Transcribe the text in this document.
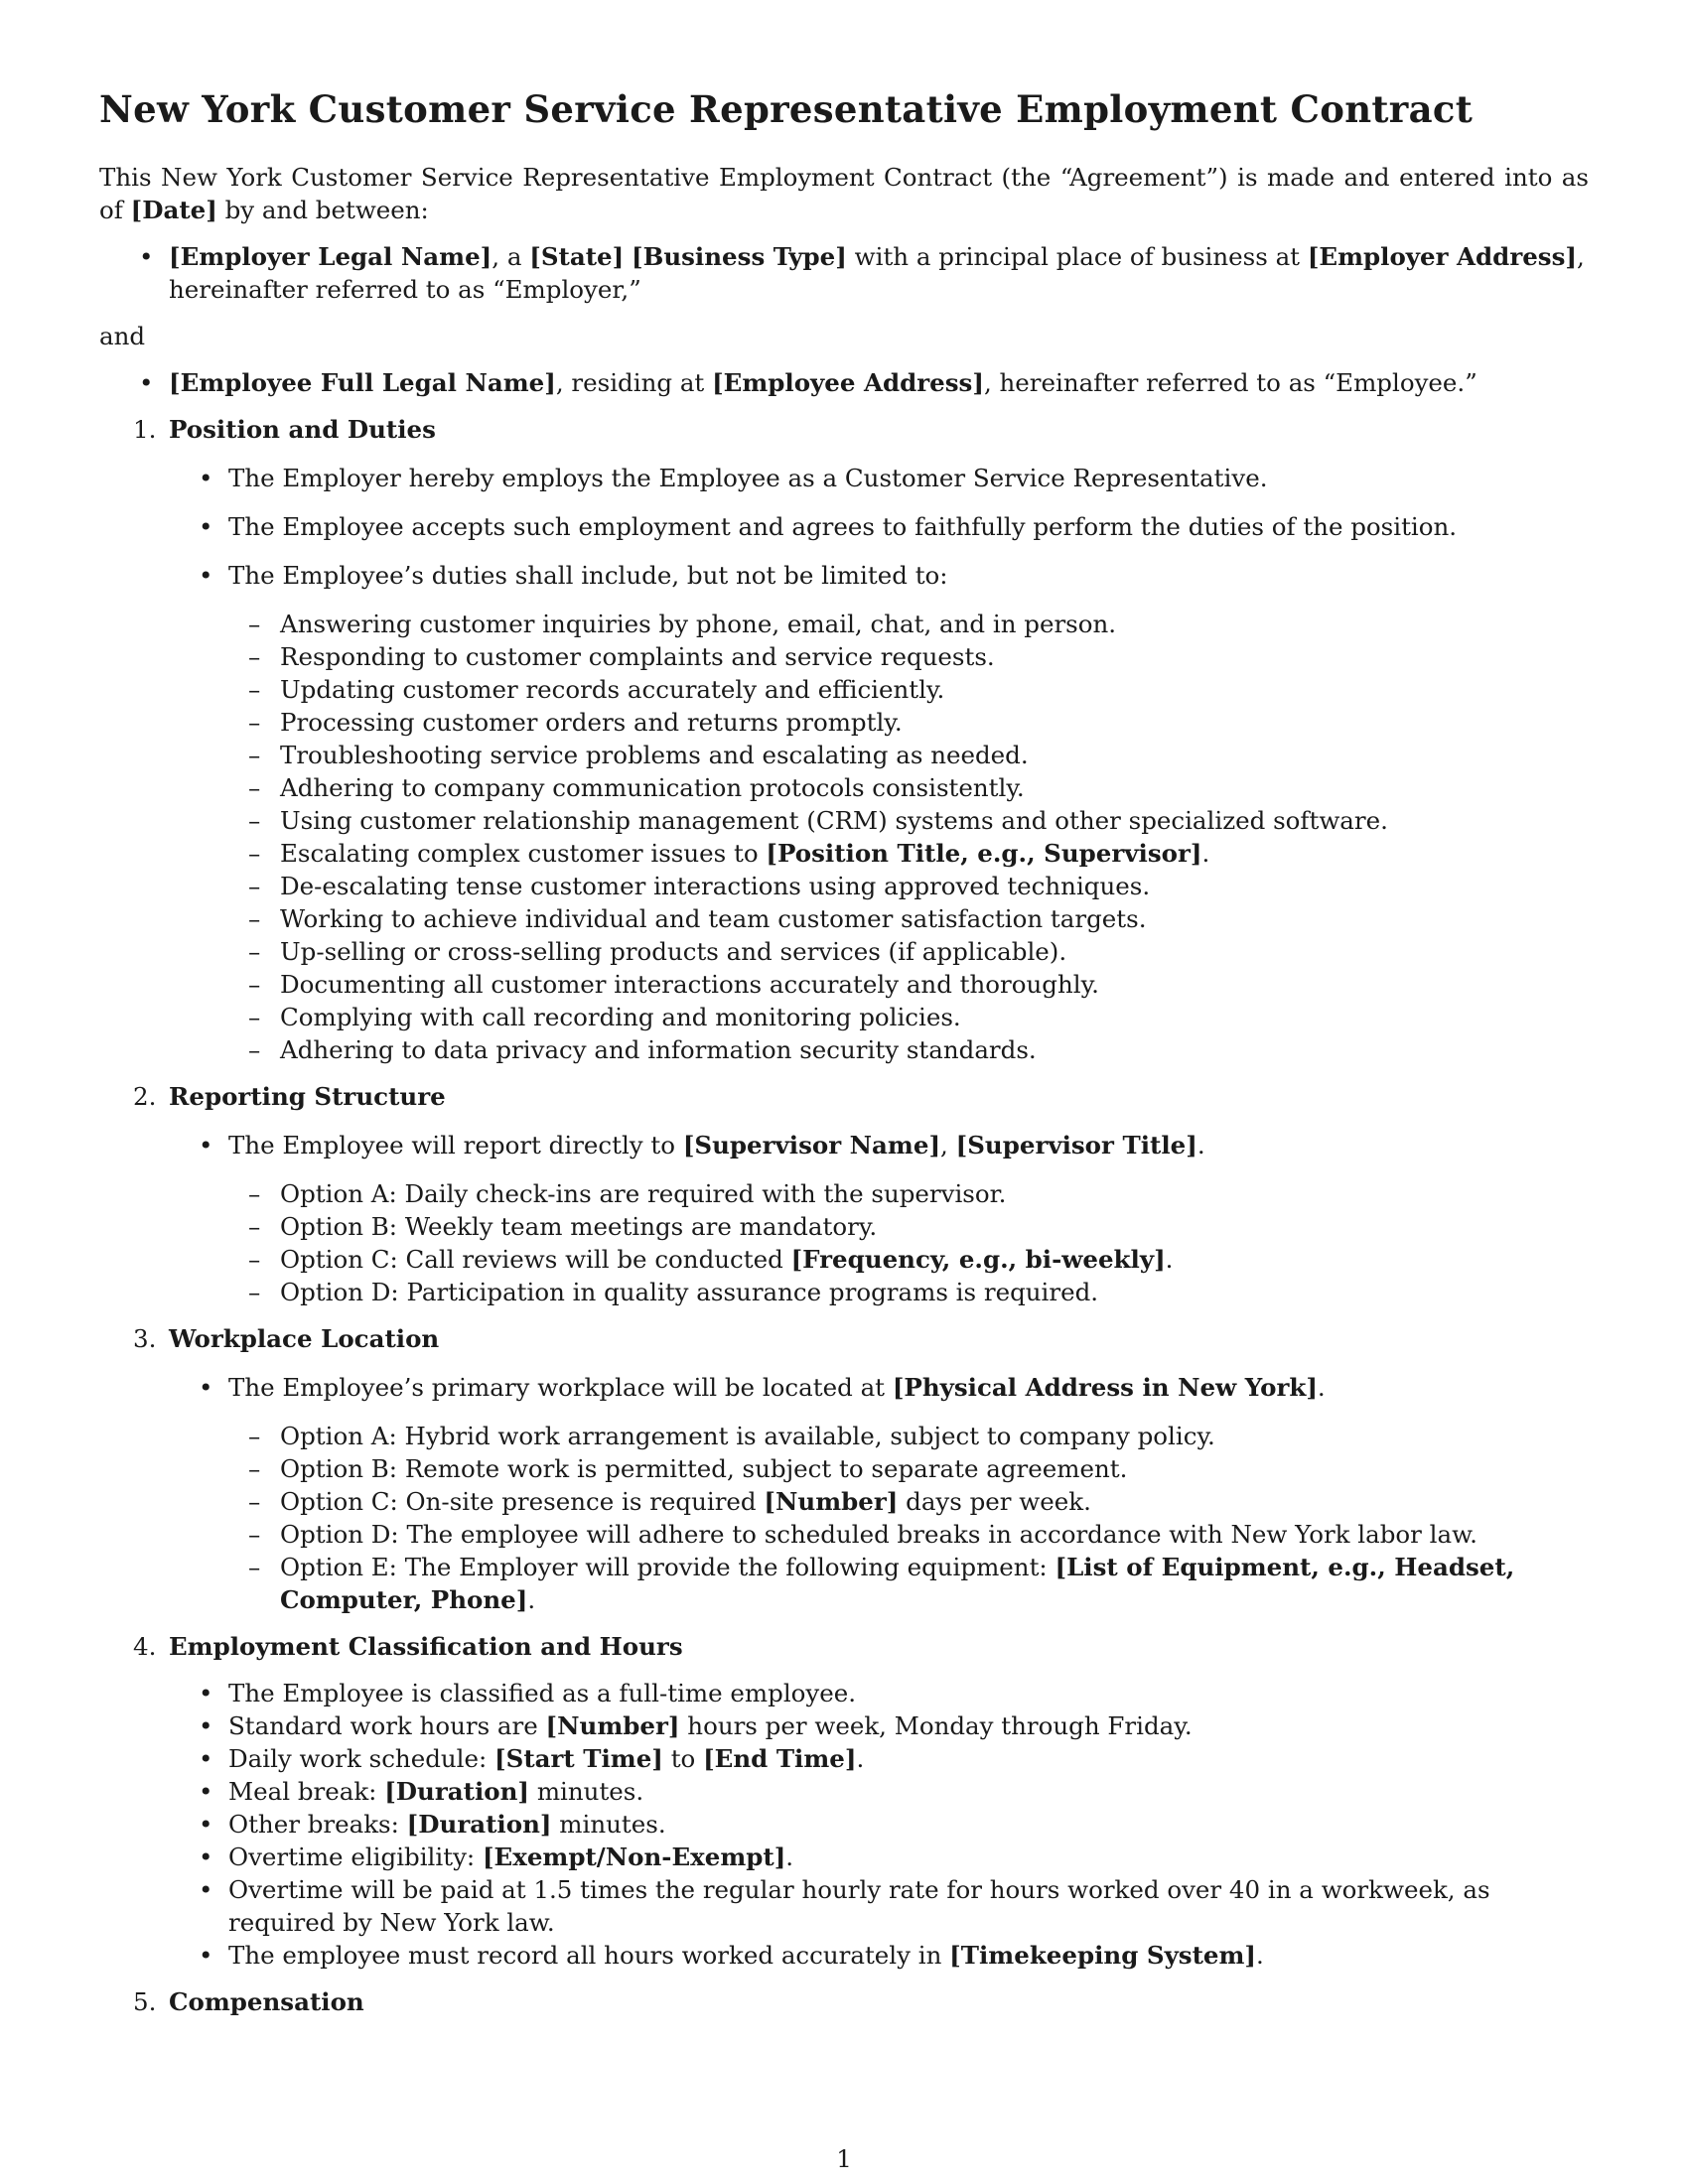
New York Customer Service Representative Employment Contract

This New York Customer Service Representative Employment Contract (the “Agreement”) is made and entered into as of [Date] by and between:

• [Employer Legal Name], a [State] [Business Type] with a principal place of business at [Employer Address], hereinafter referred to as “Employer,”

and

• [Employee Full Legal Name], residing at [Employee Address], hereinafter referred to as “Employee.”
1. Position and Duties
• The Employer hereby employs the Employee as a Customer Service Representative.
• The Employee accepts such employment and agrees to faithfully perform the duties of the position.
• The Employee’s duties shall include, but not be limited to:
– Answering customer inquiries by phone, email, chat, and in person.
– Responding to customer complaints and service requests.
– Updating customer records accurately and efficiently.
– Processing customer orders and returns promptly.
– Troubleshooting service problems and escalating as needed.
– Adhering to company communication protocols consistently.
– Using customer relationship management (CRM) systems and other specialized software.
– Escalating complex customer issues to [Position Title, e.g., Supervisor].
– De-escalating tense customer interactions using approved techniques.
– Working to achieve individual and team customer satisfaction targets.
– Up-selling or cross-selling products and services (if applicable).
– Documenting all customer interactions accurately and thoroughly.
– Complying with call recording and monitoring policies.
– Adhering to data privacy and information security standards.
2. Reporting Structure
• The Employee will report directly to [Supervisor Name], [Supervisor Title].
– Option A: Daily check-ins are required with the supervisor.
– Option B: Weekly team meetings are mandatory.
– Option C: Call reviews will be conducted [Frequency, e.g., bi-weekly].
– Option D: Participation in quality assurance programs is required.
3. Workplace Location
• The Employee’s primary workplace will be located at [Physical Address in New York].
– Option A: Hybrid work arrangement is available, subject to company policy.
– Option B: Remote work is permitted, subject to separate agreement.
– Option C: On-site presence is required [Number] days per week.
– Option D: The employee will adhere to scheduled breaks in accordance with New York labor law.
– Option E: The Employer will provide the following equipment: [List of Equipment, e.g., Headset, Computer, Phone].
4. Employment Classification and Hours
• The Employee is classified as a full-time employee.
• Standard work hours are [Number] hours per week, Monday through Friday.
• Daily work schedule: [Start Time] to [End Time].
• Meal break: [Duration] minutes.
• Other breaks: [Duration] minutes.
• Overtime eligibility: [Exempt/Non-Exempt].
• Overtime will be paid at 1.5 times the regular hourly rate for hours worked over 40 in a workweek, as required by New York law.
• The employee must record all hours worked accurately in [Timekeeping System].
5. Compensation
1
